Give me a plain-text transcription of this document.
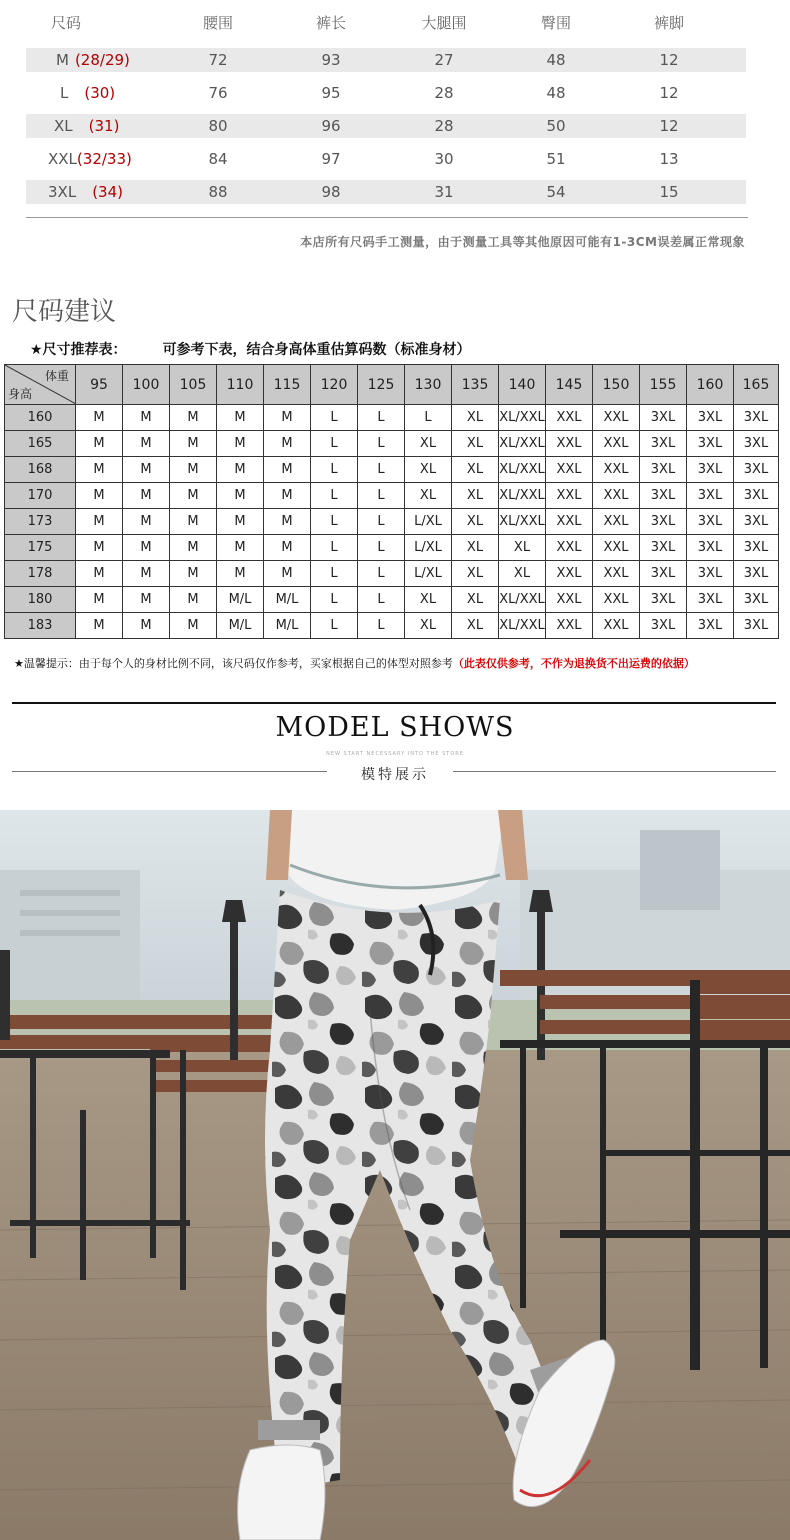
尺码	腰围	裤长	大腿围	臀围	裤脚
M (28/29)	72	93	27	48	12
L (30)	76	95	28	48	12
XL (31)	80	96	28	50	12
XXL (32/33)	84	97	30	51	13
3XL (34)	88	98	31	54	15
本店所有尺码手工测量，由于测量工具等其他原因可能有1-3CM误差属正常现象
尺码建议
★尺寸推荐表：	可参考下表，结合身高体重估算码数（标准身材）
体重
身高	95	100	105	110	115	120	125	130	135	140	145	150	155	160	165
160	M	M	M	M	M	L	L	L	XL	XL/XXL	XXL	XXL	3XL	3XL	3XL
165	M	M	M	M	M	L	L	XL	XL	XL/XXL	XXL	XXL	3XL	3XL	3XL
168	M	M	M	M	M	L	L	XL	XL	XL/XXL	XXL	XXL	3XL	3XL	3XL
170	M	M	M	M	M	L	L	XL	XL	XL/XXL	XXL	XXL	3XL	3XL	3XL
173	M	M	M	M	M	L	L	L/XL	XL	XL/XXL	XXL	XXL	3XL	3XL	3XL
175	M	M	M	M	M	L	L	L/XL	XL	XL	XXL	XXL	3XL	3XL	3XL
178	M	M	M	M	M	L	L	L/XL	XL	XL	XXL	XXL	3XL	3XL	3XL
180	M	M	M	M/L	M/L	L	L	XL	XL	XL/XXL	XXL	XXL	3XL	3XL	3XL
183	M	M	M	M/L	M/L	L	L	XL	XL	XL/XXL	XXL	XXL	3XL	3XL	3XL
★温馨提示：由于每个人的身材比例不同，该尺码仅作参考，买家根据自己的体型对照参考（此表仅供参考，不作为退换货不出运费的依据）
MODEL SHOWS
NEW START NECESSARY INTO THE STORE
模特展示
